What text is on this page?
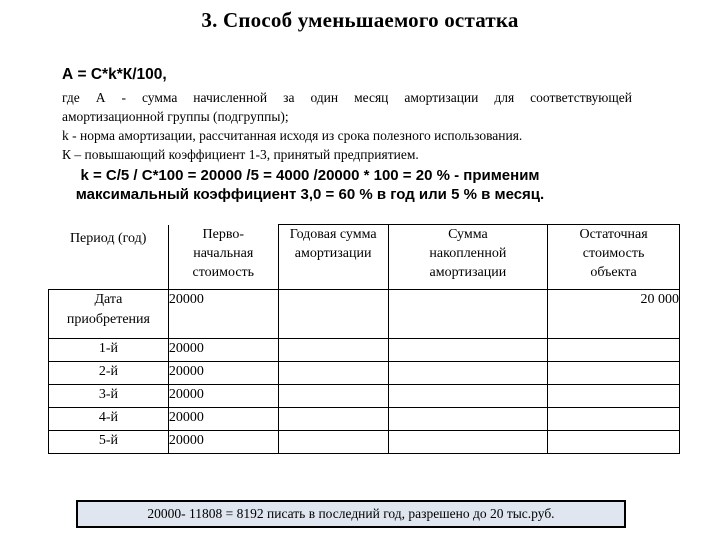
3. Способ уменьшаемого остатка
А = С*k*К/100,
где А - сумма начисленной за один месяц амортизации для соответствующей
амортизационной группы (подгруппы);
k - норма амортизации, рассчитанная исходя из срока полезного использования.
К – повышающий коэффициент 1-3, принятый предприятием.
k = С/5 / С*100 = 20000 /5 = 4000 /20000 * 100 = 20 % - применим
максимальный коэффициент 3,0 = 60 % в год или 5 % в месяц.
Период (год)	Перво-начальная стоимость	Годовая сумма амортизации	Сумма накопленной амортизации	Остаточная стоимость объекта

Дата приобретения	20000			20 000
1-й	20000			
2-й	20000			
3-й	20000			
4-й	20000			
5-й	20000			
20000- 11808 = 8192 писать в последний год, разрешено до 20 тыс.руб.
